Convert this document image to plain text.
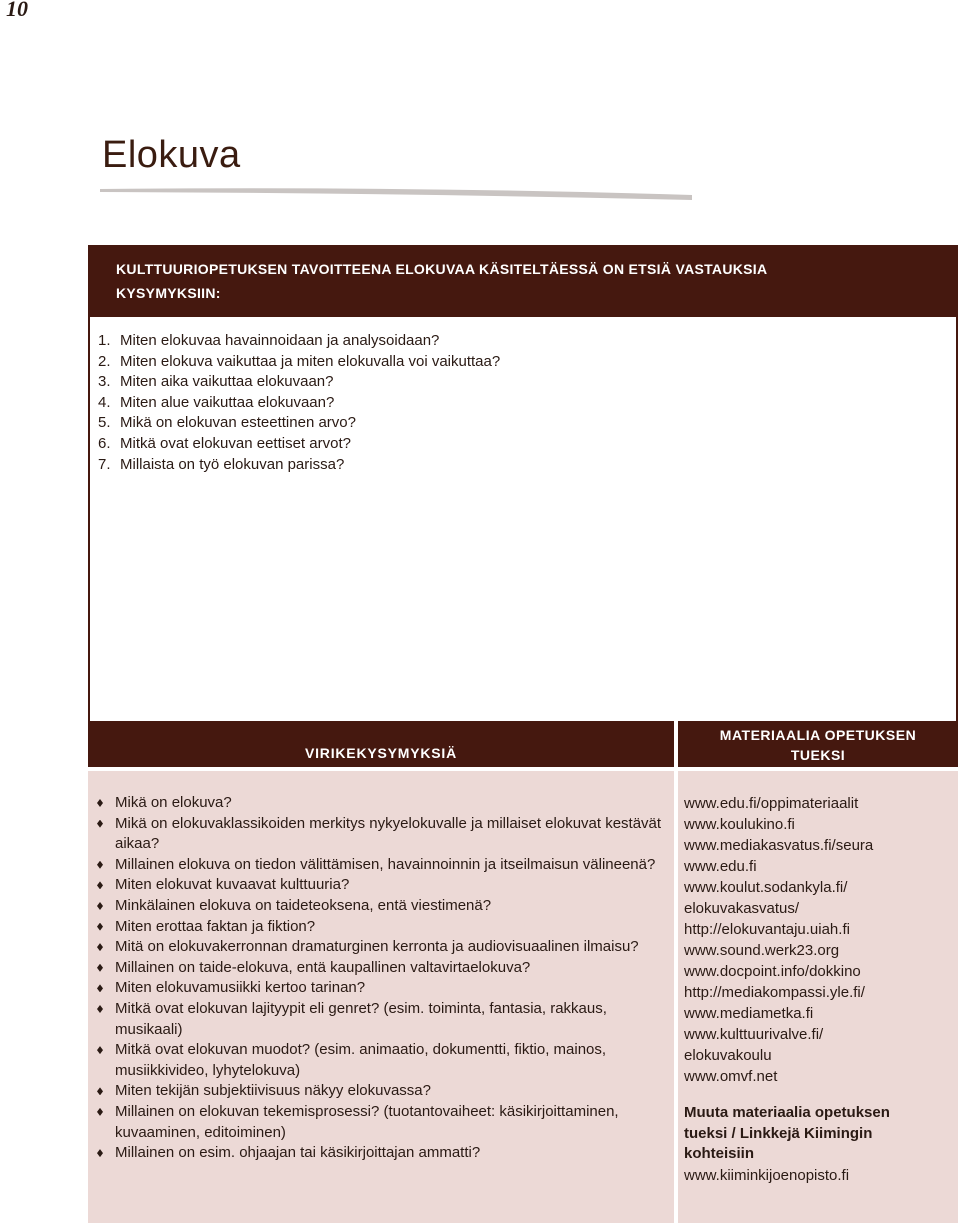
10
Elokuva
KULTTUURIOPETUKSEN TAVOITTEENA ELOKUVAA KÄSITELTÄESSÄ ON ETSIÄ VASTAUKSIA
KYSYMYKSIIN:
1. Miten elokuvaa havainnoidaan ja analysoidaan?
2. Miten elokuva vaikuttaa ja miten elokuvalla voi vaikuttaa?
3. Miten aika vaikuttaa elokuvaan?
4. Miten alue vaikuttaa elokuvaan?
5. Mikä on elokuvan esteettinen arvo?
6. Mitkä ovat elokuvan eettiset arvot?
7. Millaista on työ elokuvan parissa?
VIRIKEKYSYMYKSIÄ
MATERIAALIA OPETUKSEN
TUEKSI
Mikä on elokuva?
Mikä on elokuvaklassikoiden merkitys nykyelokuvalle ja millaiset elokuvat kestävät aikaa?
Millainen elokuva on tiedon välittämisen, havainnoinnin ja itseilmaisun välineenä?
Miten elokuvat kuvaavat kulttuuria?
Minkälainen elokuva on taideteoksena, entä viestimenä?
Miten erottaa faktan ja fiktion?
Mitä on elokuvakerronnan dramaturginen kerronta ja audiovisuaalinen ilmaisu?
Millainen on taide-elokuva, entä kaupallinen valtavirtaelokuva?
Miten elokuvamusiikki kertoo tarinan?
Mitkä ovat elokuvan lajityypit eli genret? (esim. toiminta, fantasia, rakkaus, musikaali)
Mitkä ovat elokuvan muodot? (esim. animaatio, dokumentti, fiktio, mainos, musiikkivideo, lyhytelokuva)
Miten tekijän subjektiivisuus näkyy elokuvassa?
Millainen on elokuvan tekemisprosessi? (tuotantovaiheet: käsikirjoittaminen, kuvaaminen, editoiminen)
Millainen on esim. ohjaajan tai käsikirjoittajan ammatti?
www.edu.fi/oppimateriaalit
www.koulukino.fi
www.mediakasvatus.fi/seura
www.edu.fi
www.koulut.sodankyla.fi/
elokuvakasvatus/
http://elokuvantaju.uiah.fi
www.sound.werk23.org
www.docpoint.info/dokkino
http://mediakompassi.yle.fi/
www.mediametka.fi
www.kulttuurivalve.fi/
elokuvakoulu
www.omvf.net
Muuta materiaalia opetuksen
tueksi / Linkkejä Kiimingin
kohteisiin
www.kiiminkijoenopisto.fi
